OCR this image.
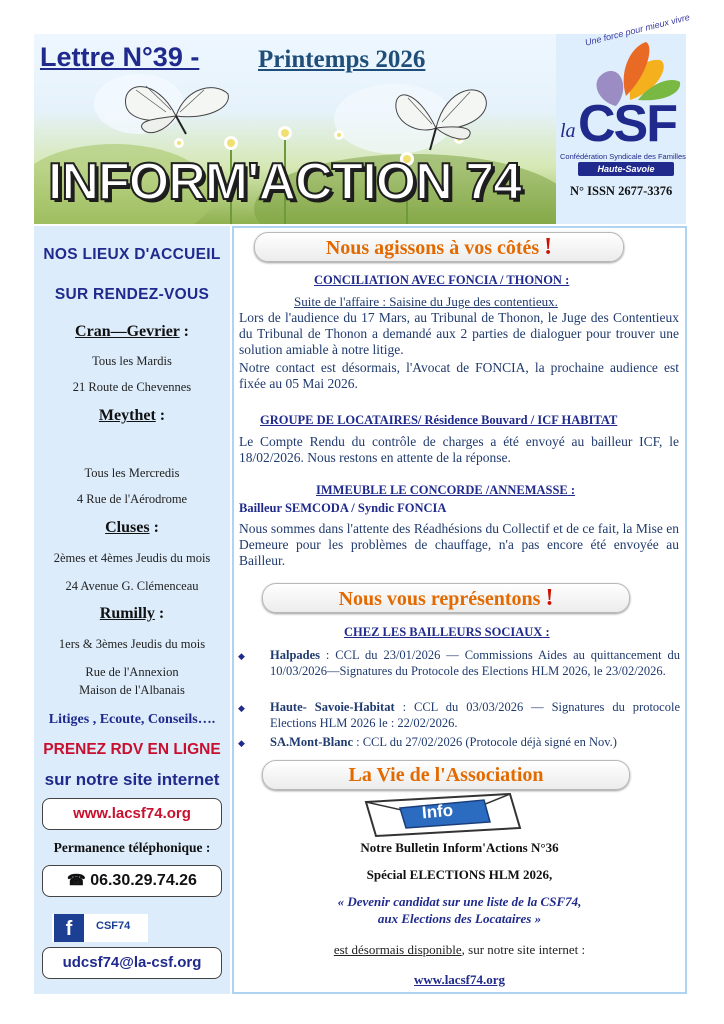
Lettre N°39 - Printemps 2026
INFORM'ACTION 74
Une force pour mieux vivre
la CSF
Confédération Syndicale des Familles
Haute-Savoie
N° ISSN 2677-3376
NOS LIEUX D'ACCUEIL
SUR RENDEZ-VOUS
Cran—Gevrier :
Tous les Mardis
21 Route de Chevennes
Meythet :
Tous les Mercredis
4 Rue de l'Aérodrome
Cluses :
2èmes et 4èmes Jeudis du mois
24 Avenue G. Clémenceau
Rumilly :
1ers & 3èmes Jeudis du mois
Rue de l'Annexion
Maison de l'Albanais
Litiges , Ecoute, Conseils….
PRENEZ RDV EN LIGNE
sur notre site internet
www.lacsf74.org
Permanence téléphonique :
☎ 06.30.29.74.26
f	CSF74
udcsf74@la-csf.org
Nous agissons à vos côtés !
CONCILIATION AVEC FONCIA / THONON :
Suite de l'affaire : Saisine du Juge des contentieux.
Lors de l'audience du 17 Mars, au Tribunal de Thonon, le Juge des Contentieux du Tribunal de Thonon a demandé aux 2 parties de dialoguer pour trouver une solution amiable à notre litige.
Notre contact est désormais, l'Avocat de FONCIA, la prochaine audience est fixée au 05 Mai 2026.
GROUPE DE LOCATAIRES/ Résidence Bouvard / ICF HABITAT
Le Compte Rendu du contrôle de charges a été envoyé au bailleur ICF, le 18/02/2026. Nous restons en attente de la réponse.
IMMEUBLE LE CONCORDE /ANNEMASSE :
Bailleur SEMCODA / Syndic FONCIA
Nous sommes dans l'attente des Réadhésions du Collectif et de ce fait, la Mise en Demeure pour les problèmes de chauffage, n'a pas encore été envoyée au Bailleur.
Nous vous représentons !
CHEZ LES BAILLEURS SOCIAUX :
◆ Halpades : CCL du 23/01/2026 — Commissions Aides au quittancement du 10/03/2026—Signatures du Protocole des Elections HLM 2026, le 23/02/2026.
◆ Haute- Savoie-Habitat : CCL du 03/03/2026 — Signatures du protocole Elections HLM 2026 le : 22/02/2026.
◆ SA.Mont-Blanc : CCL du 27/02/2026 (Protocole déjà signé en Nov.)
La Vie de l'Association
Info
Notre Bulletin Inform'Actions N°36
Spécial ELECTIONS HLM 2026,
« Devenir candidat sur une liste de la CSF74,
aux Elections des Locataires »
est désormais disponible, sur notre site internet :
www.lacsf74.org
